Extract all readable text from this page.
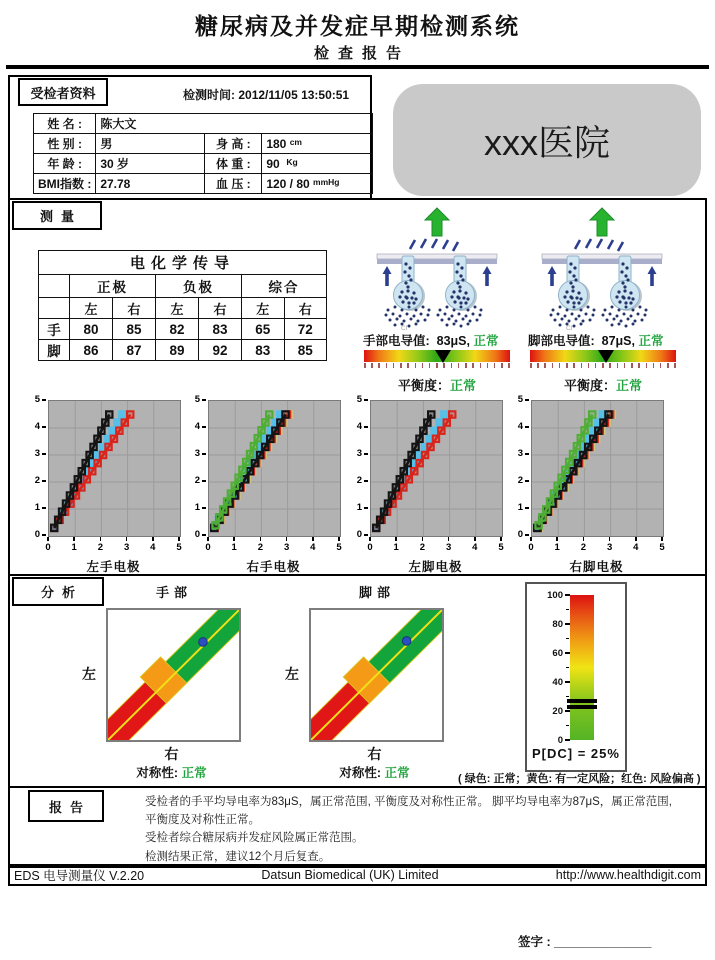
糖尿病及并发症早期检测系统
检查报告
受检者资料	检测时间: 2012/11/05 13:50:51
姓 名 :	陈大文		
性 别 :	男	身 高 :	180 $^{cm}$
年 龄 :	30 岁	体 重 :	90 $^{Kg}$
BMI指数 :	27.78	血 压 :	120 / 80 $^{mmHg}$
xxx医院
测量
电化学传导						
	正极		负极		综合	
	左	右	左	右	左	右
手	80	85	82	83	65	72
脚	86	87	89	92	83	85
Cl	Cl
手部电导值: 83μS, 正常 脚部电导值: 87μS, 正常
平衡度：正常	平衡度：正常
分析	手部	脚部
左	左
右	右
对称性: 正常	对称性: 正常
P[DC] = 25%
0
20
40
60
80
100
( 绿色: 正常；黄色: 有一定风险；红色: 风险偏高 )
报告	受检者的手平均导电率为83μS，属正常范围, 平衡度及对称性正常。 脚平均导电率为87μS，属正常范围,
平衡度及对称性正常。
受检者综合糖尿病并发症风险属正常范围。
检测结果正常，建议12个月后复查。
EDS 电导测量仪 V.2.20	Datsun Biomedical (UK) Limited	http://www.healthdigit.com
签字 : ______________
0
0
1
1
2
2
3
3
4
4
5
5
左手电极
0
0
1
1
2
2
3
3
4
4
5
5
右手电极
0
0
1
1
2
2
3
3
4
4
5
5
左脚电极
0
0
1
1
2
2
3
3
4
4
5
5
右脚电极
